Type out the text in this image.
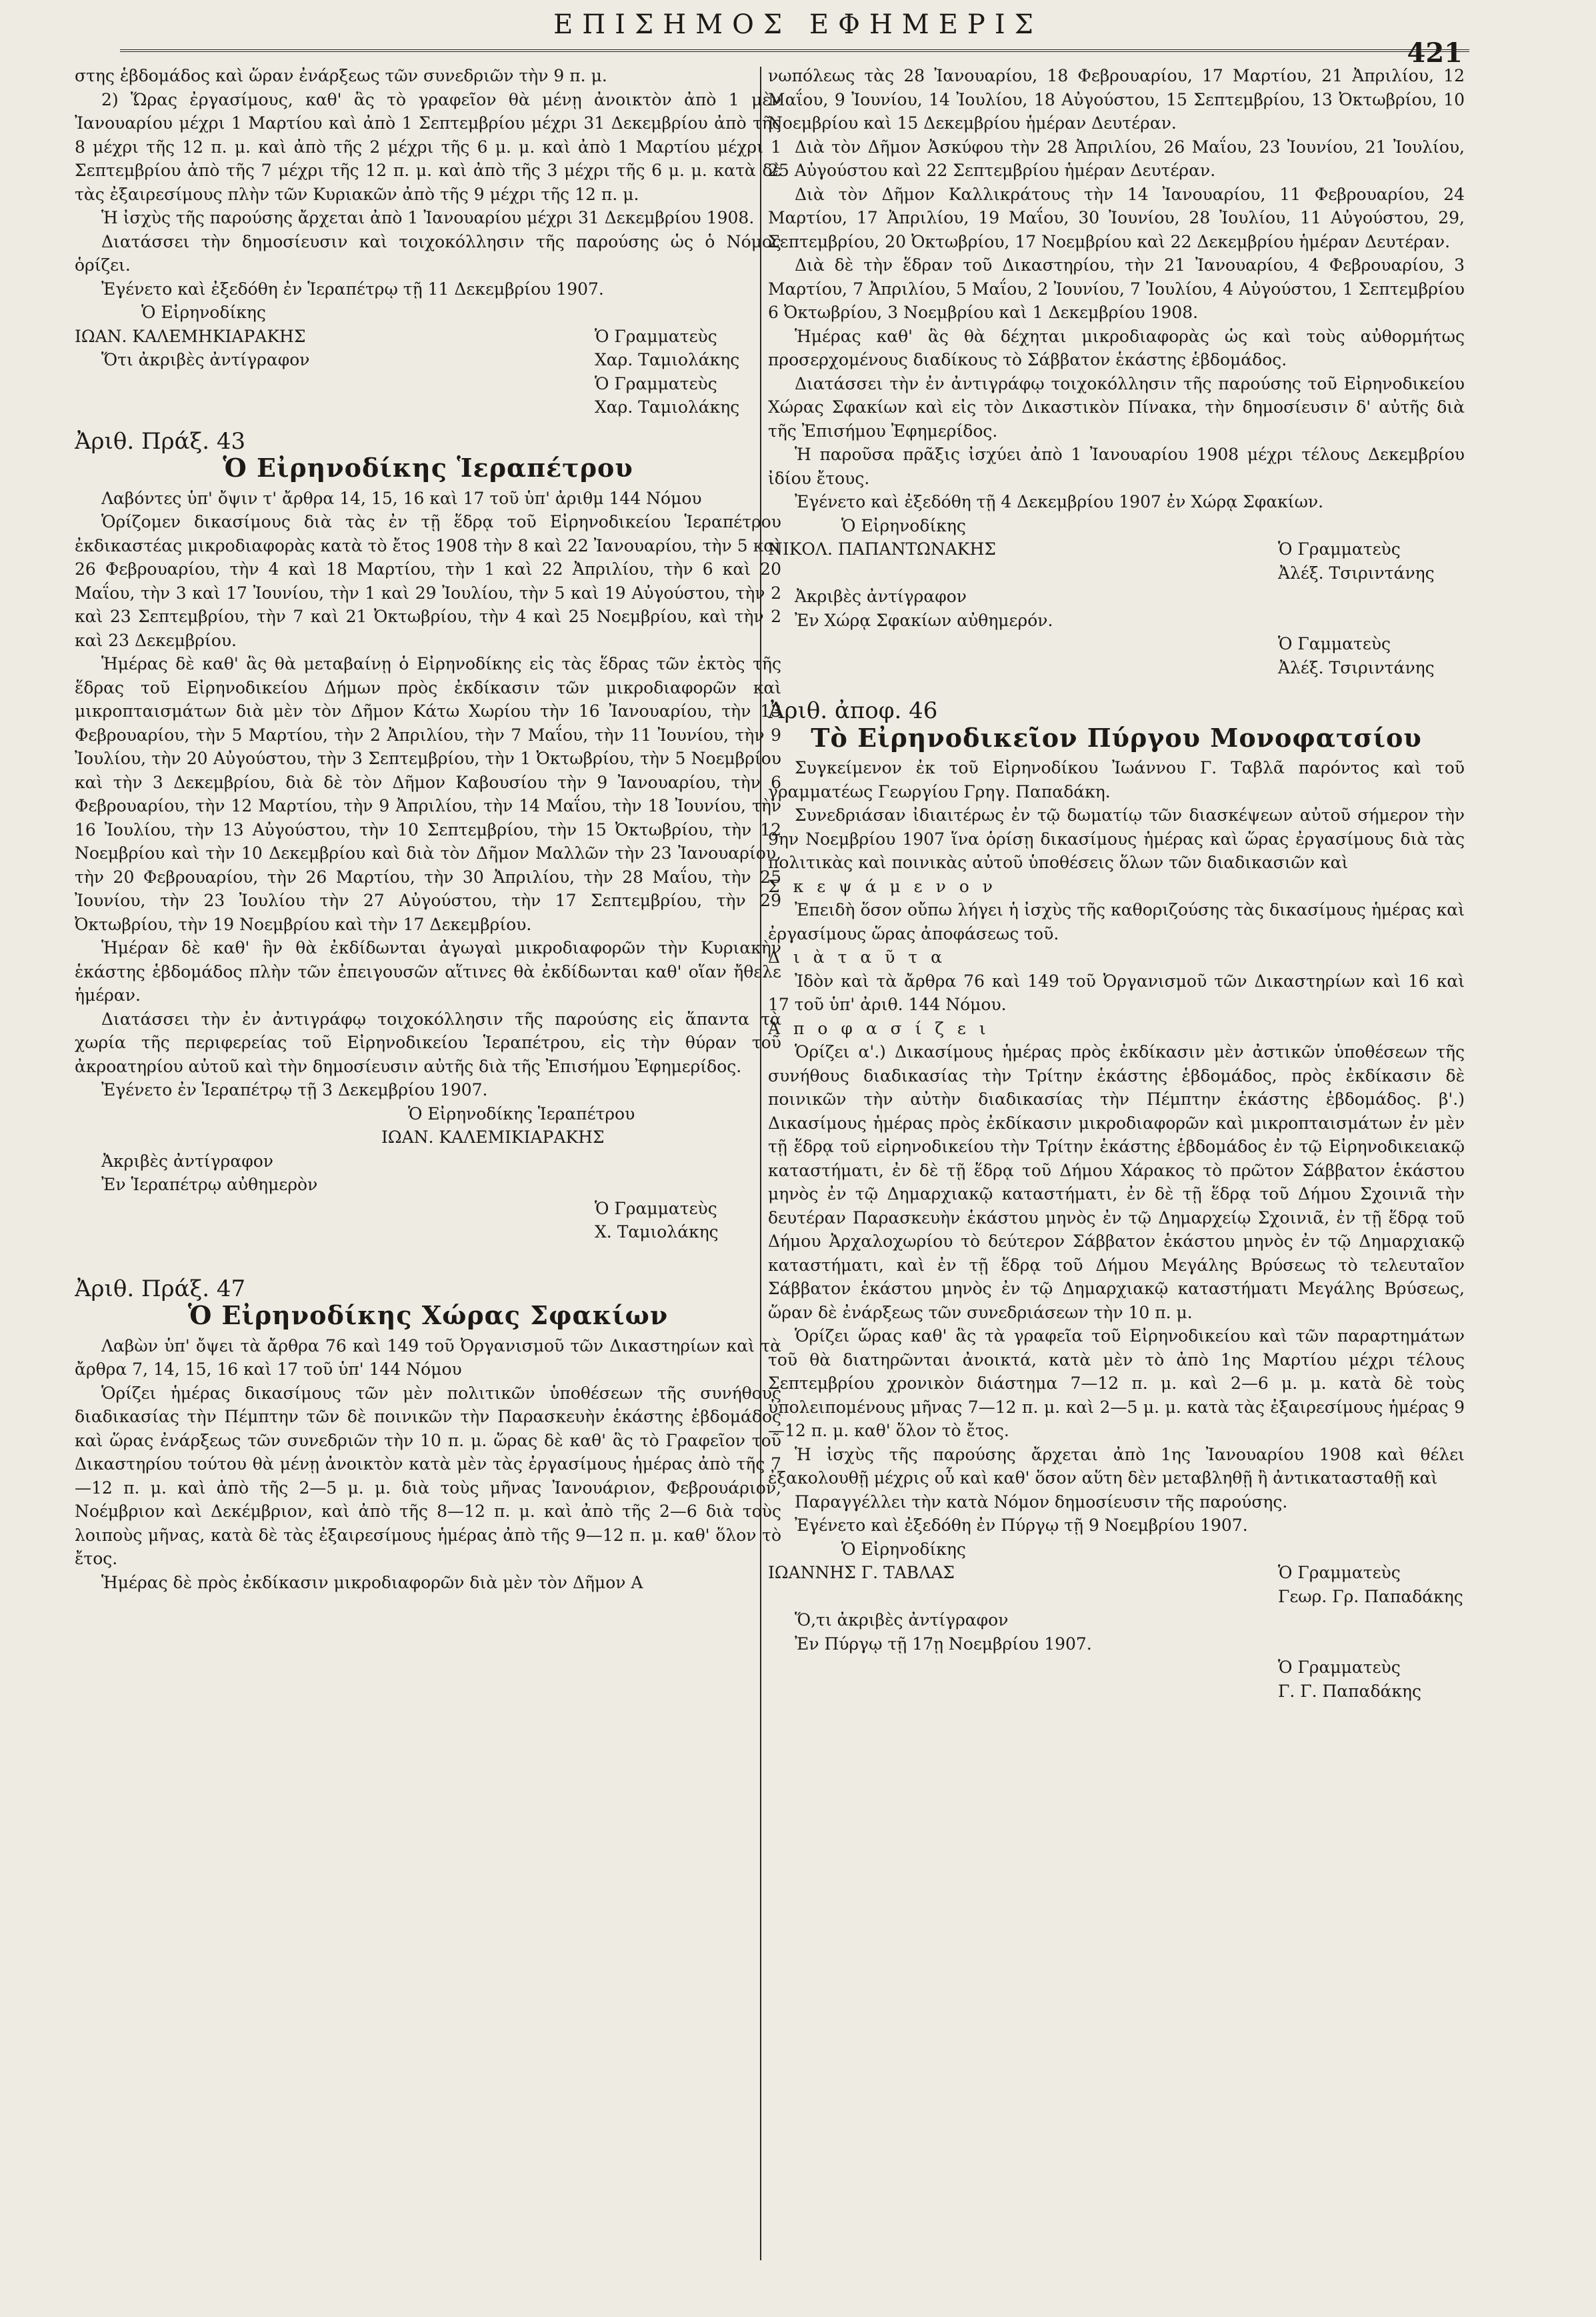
ΕΠΙΣΗΜΟΣ ΕΦΗΜΕΡΙΣ
421

στης ἑβδομάδος καὶ ὥραν ἐνάρξεως τῶν συνεδριῶν τὴν 9 π. μ.

2) Ὥρας ἐργασίμους, καθ' ἃς τὸ γραφεῖον θὰ μένῃ ἀνοικτὸν ἀπὸ 1 μὲν Ἰανουαρίου μέχρι 1 Μαρτίου καὶ ἀπὸ 1 Σεπτεμβρίου μέχρι 31 Δεκεμβρίου ἀπὸ τῆς 8 μέχρι τῆς 12 π. μ. καὶ ἀπὸ τῆς 2 μέχρι τῆς 6 μ. μ. καὶ ἀπὸ 1 Μαρτίου μέχρι 1 Σεπτεμβρίου ἀπὸ τῆς 7 μέχρι τῆς 12 π. μ. καὶ ἀπὸ τῆς 3 μέχρι τῆς 6 μ. μ. κατὰ δὲ τὰς ἐξαιρεσίμους πλὴν τῶν Κυριακῶν ἀπὸ τῆς 9 μέχρι τῆς 12 π. μ.

Ἡ ἰσχὺς τῆς παρούσης ἄρχεται ἀπὸ 1 Ἰανουαρίου μέχρι 31 Δεκεμβρίου 1908.

Διατάσσει τὴν δημοσίευσιν καὶ τοιχοκόλλησιν τῆς παρούσης ὡς ὁ Νόμος ὁρίζει.

Ἐγένετο καὶ ἐξεδόθη ἐν Ἱεραπέτρῳ τῇ 11 Δεκεμβρίου 1907.

Ὁ Εἰρηνοδίκης

ΙΩΑΝ. ΚΑΛΕΜΗΚΙΑΡΑΚΗΣ	Ὁ Γραμματεὺς
Ὅτι ἀκριβὲς ἀντίγραφον	Χαρ. Ταμιολάκης
Ὁ Γραμματεὺς
Χαρ. Ταμιολάκης
Ἀριθ. Πράξ. 43
Ὁ Εἰρηνοδίκης Ἱεραπέτρου

Λαβόντες ὑπ' ὄψιν τ' ἄρθρα 14, 15, 16 καὶ 17 τοῦ ὑπ' ἀριθμ 144 Νόμου

Ὁρίζομεν δικασίμους διὰ τὰς ἐν τῇ ἕδρᾳ τοῦ Εἰρηνοδικείου Ἱεραπέτρου ἐκδικαστέας μικροδιαφορὰς κατὰ τὸ ἔτος 1908 τὴν 8 καὶ 22 Ἰανουαρίου, τὴν 5 καὶ 26 Φεβρουαρίου, τὴν 4 καὶ 18 Μαρτίου, τὴν 1 καὶ 22 Ἀπριλίου, τὴν 6 καὶ 20 Μαΐου, τὴν 3 καὶ 17 Ἰουνίου, τὴν 1 καὶ 29 Ἰουλίου, τὴν 5 καὶ 19 Αὐγούστου, τὴν 2 καὶ 23 Σεπτεμβρίου, τὴν 7 καὶ 21 Ὀκτωβρίου, τὴν 4 καὶ 25 Νοεμβρίου, καὶ τὴν 2 καὶ 23 Δεκεμβρίου.

Ἡμέρας δὲ καθ' ἃς θὰ μεταβαίνῃ ὁ Εἰρηνοδίκης εἰς τὰς ἕδρας τῶν ἐκτὸς τῆς ἕδρας τοῦ Εἰρηνοδικείου Δήμων πρὸς ἐκδίκασιν τῶν μικροδιαφορῶν καὶ μικροπταισμάτων διὰ μὲν τὸν Δῆμον Κάτω Χωρίου τὴν 16 Ἰανουαρίου, τὴν 13 Φεβρουαρίου, τὴν 5 Μαρτίου, τὴν 2 Ἀπριλίου, τὴν 7 Μαΐου, τὴν 11 Ἰουνίου, τὴν 9 Ἰουλίου, τὴν 20 Αὐγούστου, τὴν 3 Σεπτεμβρίου, τὴν 1 Ὀκτωβρίου, τὴν 5 Νοεμβρίου καὶ τὴν 3 Δεκεμβρίου, διὰ δὲ τὸν Δῆμον Καβουσίου τὴν 9 Ἰανουαρίου, τὴν 6 Φεβρουαρίου, τὴν 12 Μαρτίου, τὴν 9 Ἀπριλίου, τὴν 14 Μαΐου, τὴν 18 Ἰουνίου, τὴν 16 Ἰουλίου, τὴν 13 Αὐγούστου, τὴν 10 Σεπτεμβρίου, τὴν 15 Ὀκτωβρίου, τὴν 12 Νοεμβρίου καὶ τὴν 10 Δεκεμβρίου καὶ διὰ τὸν Δῆμον Μαλλῶν τὴν 23 Ἰανουαρίου, τὴν 20 Φεβρουαρίου, τὴν 26 Μαρτίου, τὴν 30 Ἀπριλίου, τὴν 28 Μαΐου, τὴν 25 Ἰουνίου, τὴν 23 Ἰουλίου τὴν 27 Αὐγούστου, τὴν 17 Σεπτεμβρίου, τὴν 29 Ὀκτωβρίου, τὴν 19 Νοεμβρίου καὶ τὴν 17 Δεκεμβρίου.

Ἡμέραν δὲ καθ' ἣν θὰ ἐκδίδωνται ἀγωγαὶ μικροδιαφορῶν τὴν Κυριακὴν ἑκάστης ἑβδομάδος πλὴν τῶν ἐπειγουσῶν αἵτινες θὰ ἐκδίδωνται καθ' οἵαν ἤθελε ἡμέραν.

Διατάσσει τὴν ἐν ἀντιγράφῳ τοιχοκόλλησιν τῆς παρούσης εἰς ἅπαντα τὰ χωρία τῆς περιφερείας τοῦ Εἰρηνοδικείου Ἱεραπέτρου, εἰς τὴν θύραν τοῦ ἀκροατηρίου αὐτοῦ καὶ τὴν δημοσίευσιν αὐτῆς διὰ τῆς Ἐπισήμου Ἐφημερίδος.

Ἐγένετο ἐν Ἱεραπέτρῳ τῇ 3 Δεκεμβρίου 1907.

Ὁ Εἰρηνοδίκης Ἱεραπέτρου

ΙΩΑΝ. ΚΑΛΕΜΙΚΙΑΡΑΚΗΣ

Ἀκριβὲς ἀντίγραφον

Ἐν Ἱεραπέτρῳ αὐθημερὸν

Ὁ Γραμματεὺς
Χ. Ταμιολάκης
Ἀριθ. Πράξ. 47
Ὁ Εἰρηνοδίκης Χώρας Σφακίων

Λαβὼν ὑπ' ὄψει τὰ ἄρθρα 76 καὶ 149 τοῦ Ὀργανισμοῦ τῶν Δικαστηρίων καὶ τὰ ἄρθρα 7, 14, 15, 16 καὶ 17 τοῦ ὑπ' 144 Νόμου

Ὁρίζει ἡμέρας δικασίμους τῶν μὲν πολιτικῶν ὑποθέσεων τῆς συνήθους διαδικασίας τὴν Πέμπτην τῶν δὲ ποινικῶν τὴν Παρασκευὴν ἑκάστης ἑβδομάδος καὶ ὥρας ἐνάρξεως τῶν συνεδριῶν τὴν 10 π. μ. ὥρας δὲ καθ' ἃς τὸ Γραφεῖον τοῦ Δικαστηρίου τούτου θὰ μένῃ ἀνοικτὸν κατὰ μὲν τὰς ἐργασίμους ἡμέρας ἀπὸ τῆς 7—12 π. μ. καὶ ἀπὸ τῆς 2—5 μ. μ. διὰ τοὺς μῆνας Ἰανουάριον, Φεβρουάριον, Νοέμβριον καὶ Δεκέμβριον, καὶ ἀπὸ τῆς 8—12 π. μ. καὶ ἀπὸ τῆς 2—6 διὰ τοὺς λοιποὺς μῆνας, κατὰ δὲ τὰς ἐξαιρεσίμους ἡμέρας ἀπὸ τῆς 9—12 π. μ. καθ' ὅλον τὸ ἔτος.

Ἡμέρας δὲ πρὸς ἐκδίκασιν μικροδιαφορῶν διὰ μὲν τὸν Δῆμον Α

νωπόλεως τὰς 28 Ἰανουαρίου, 18 Φεβρουαρίου, 17 Μαρτίου, 21 Ἀπριλίου, 12 Μαΐου, 9 Ἰουνίου, 14 Ἰουλίου, 18 Αὐγούστου, 15 Σεπτεμβρίου, 13 Ὀκτωβρίου, 10 Νοεμβρίου καὶ 15 Δεκεμβρίου ἡμέραν Δευτέραν.

Διὰ τὸν Δῆμον Ἀσκύφου τὴν 28 Ἀπριλίου, 26 Μαΐου, 23 Ἰουνίου, 21 Ἰουλίου, 25 Αὐγούστου καὶ 22 Σεπτεμβρίου ἡμέραν Δευτέραν.

Διὰ τὸν Δῆμον Καλλικράτους τὴν 14 Ἰανουαρίου, 11 Φεβρουαρίου, 24 Μαρτίου, 17 Ἀπριλίου, 19 Μαΐου, 30 Ἰουνίου, 28 Ἰουλίου, 11 Αὐγούστου, 29, Σεπτεμβρίου, 20 Ὀκτωβρίου, 17 Νοεμβρίου καὶ 22 Δεκεμβρίου ἡμέραν Δευτέραν.

Διὰ δὲ τὴν ἕδραν τοῦ Δικαστηρίου, τὴν 21 Ἰανουαρίου, 4 Φεβρουαρίου, 3 Μαρτίου, 7 Ἀπριλίου, 5 Μαΐου, 2 Ἰουνίου, 7 Ἰουλίου, 4 Αὐγούστου, 1 Σεπτεμβρίου 6 Ὀκτωβρίου, 3 Νοεμβρίου καὶ 1 Δεκεμβρίου 1908.

Ἡμέρας καθ' ἃς θὰ δέχηται μικροδιαφορὰς ὡς καὶ τοὺς αὐθορμήτως προσερχομένους διαδίκους τὸ Σάββατον ἑκάστης ἑβδομάδος.

Διατάσσει τὴν ἐν ἀντιγράφῳ τοιχοκόλλησιν τῆς παρούσης τοῦ Εἰρηνοδικείου Χώρας Σφακίων καὶ εἰς τὸν Δικαστικὸν Πίνακα, τὴν δημοσίευσιν δ' αὐτῆς διὰ τῆς Ἐπισήμου Ἐφημερίδος.

Ἡ παροῦσα πρᾶξις ἰσχύει ἀπὸ 1 Ἰανουαρίου 1908 μέχρι τέλους Δεκεμβρίου ἰδίου ἔτους.

Ἐγένετο καὶ ἐξεδόθη τῇ 4 Δεκεμβρίου 1907 ἐν Χώρᾳ Σφακίων.

Ὁ Εἰρηνοδίκης

ΝΙΚΟΛ. ΠΑΠΑΝΤΩΝΑΚΗΣ	Ὁ Γραμματεὺς
Ἀλέξ. Τσιριντάνης

Ἀκριβὲς ἀντίγραφον

Ἐν Χώρᾳ Σφακίων αὐθημερόν.

Ὁ Γαμματεὺς
Ἀλέξ. Τσιριντάνης
Ἀριθ. ἀποφ. 46
Τὸ Εἰρηνοδικεῖον Πύργου Μονοφατσίου

Συγκείμενον ἐκ τοῦ Εἰρηνοδίκου Ἰωάννου Γ. Ταβλᾶ παρόντος καὶ τοῦ γραμματέως Γεωργίου Γρηγ. Παπαδάκη.

Συνεδριάσαν ἰδιαιτέρως ἐν τῷ δωματίῳ τῶν διασκέψεων αὐτοῦ σήμερον τὴν 9ην Νοεμβρίου 1907 ἵνα ὁρίσῃ δικασίμους ἡμέρας καὶ ὥρας ἐργασίμους διὰ τὰς πολιτικὰς καὶ ποινικὰς αὐτοῦ ὑποθέσεις ὅλων τῶν διαδικασιῶν καὶ

Σ κ ε ψ ά μ ε ν ο ν

Ἐπειδὴ ὅσον οὔπω λήγει ἡ ἰσχὺς τῆς καθοριζούσης τὰς δικασίμους ἡμέρας καὶ ἐργασίμους ὥρας ἀποφάσεως τοῦ.

Δ ι ὰ τ α ῦ τ α

Ἰδὸν καὶ τὰ ἄρθρα 76 καὶ 149 τοῦ Ὀργανισμοῦ τῶν Δικαστηρίων καὶ 16 καὶ 17 τοῦ ὑπ' ἀριθ. 144 Νόμου.

Ἀ π ο φ α σ ί ζ ε ι

Ὁρίζει α'.) Δικασίμους ἡμέρας πρὸς ἐκδίκασιν μὲν ἀστικῶν ὑποθέσεων τῆς συνήθους διαδικασίας τὴν Τρίτην ἑκάστης ἑβδομάδος, πρὸς ἐκδίκασιν δὲ ποινικῶν τὴν αὐτὴν διαδικασίας τὴν Πέμπτην ἑκάστης ἑβδομάδος. β'.) Δικασίμους ἡμέρας πρὸς ἐκδίκασιν μικροδιαφορῶν καὶ μικροπταισμάτων ἐν μὲν τῇ ἕδρᾳ τοῦ εἰρηνοδικείου τὴν Τρίτην ἑκάστης ἑβδομάδος ἐν τῷ Εἰρηνοδικειακῷ καταστήματι, ἐν δὲ τῇ ἕδρᾳ τοῦ Δήμου Χάρακος τὸ πρῶτον Σάββατον ἑκάστου μηνὸς ἐν τῷ Δημαρχιακῷ καταστήματι, ἐν δὲ τῇ ἕδρᾳ τοῦ Δήμου Σχοινιᾶ τὴν δευτέραν Παρασκευὴν ἑκάστου μηνὸς ἐν τῷ Δημαρχείῳ Σχοινιᾶ, ἐν τῇ ἕδρᾳ τοῦ Δήμου Ἀρχαλοχωρίου τὸ δεύτερον Σάββατον ἑκάστου μηνὸς ἐν τῷ Δημαρχιακῷ καταστήματι, καὶ ἐν τῇ ἕδρᾳ τοῦ Δήμου Μεγάλης Βρύσεως τὸ τελευταῖον Σάββατον ἑκάστου μηνὸς ἐν τῷ Δημαρχιακῷ καταστήματι Μεγάλης Βρύσεως, ὥραν δὲ ἐνάρξεως τῶν συνεδριάσεων τὴν 10 π. μ.

Ὁρίζει ὥρας καθ' ἃς τὰ γραφεῖα τοῦ Εἰρηνοδικείου καὶ τῶν παραρτημάτων τοῦ θὰ διατηρῶνται ἀνοικτά, κατὰ μὲν τὸ ἀπὸ 1ης Μαρτίου μέχρι τέλους Σεπτεμβρίου χρονικὸν διάστημα 7—12 π. μ. καὶ 2—6 μ. μ. κατὰ δὲ τοὺς ὑπολειπομένους μῆνας 7—12 π. μ. καὶ 2—5 μ. μ. κατὰ τὰς ἐξαιρεσίμους ἡμέρας 9—12 π. μ. καθ' ὅλον τὸ ἔτος.

Ἡ ἰσχὺς τῆς παρούσης ἄρχεται ἀπὸ 1ης Ἰανουαρίου 1908 καὶ θέλει ἐξακολουθῇ μέχρις οὗ καὶ καθ' ὅσον αὕτη δὲν μεταβληθῇ ἢ ἀντικατασταθῇ καὶ

Παραγγέλλει τὴν κατὰ Νόμον δημοσίευσιν τῆς παρούσης.

Ἐγένετο καὶ ἐξεδόθη ἐν Πύργῳ τῇ 9 Νοεμβρίου 1907.

Ὁ Εἰρηνοδίκης

ΙΩΑΝΝΗΣ Γ. ΤΑΒΛΑΣ	Ὁ Γραμματεὺς
Γεωρ. Γρ. Παπαδάκης

Ὅ,τι ἀκριβὲς ἀντίγραφον

Ἐν Πύργῳ τῇ 17ῃ Νοεμβρίου 1907.

Ὁ Γραμματεὺς
Γ. Γ. Παπαδάκης
